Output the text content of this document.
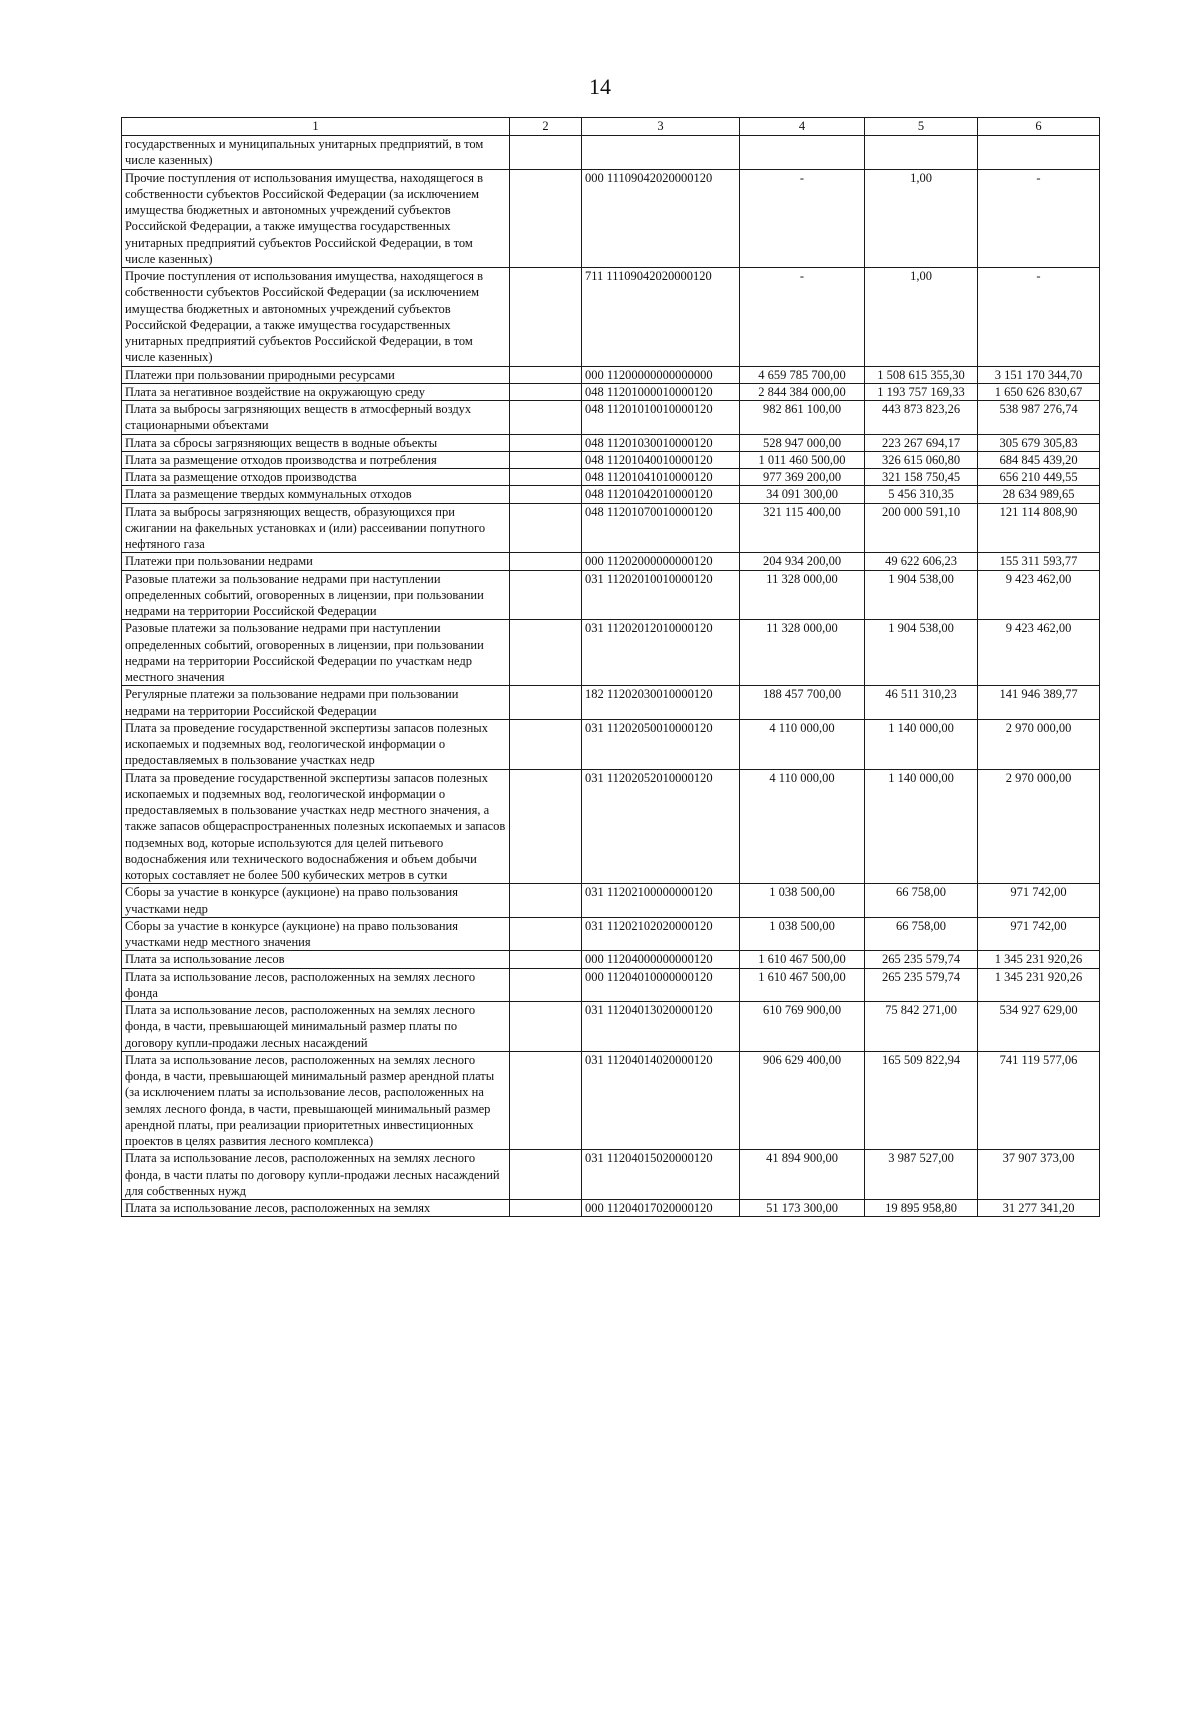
14
1	2	3	4	5	6
государственных и муниципальных унитарных предприятий, в том числе казенных)					
Прочие поступления от использования имущества, находящегося в собственности субъектов Российской Федерации (за исключением имущества бюджетных и автономных учреждений субъектов Российской Федерации, а также имущества государственных унитарных предприятий субъектов Российской Федерации, в том числе казенных)		000 11109042020000120	-	1,00	-
Прочие поступления от использования имущества, находящегося в собственности субъектов Российской Федерации (за исключением имущества бюджетных и автономных учреждений субъектов Российской Федерации, а также имущества государственных унитарных предприятий субъектов Российской Федерации, в том числе казенных)		711 11109042020000120	-	1,00	-
Платежи при пользовании природными ресурсами		000 11200000000000000	4 659 785 700,00	1 508 615 355,30	3 151 170 344,70
Плата за негативное воздействие на окружающую среду		048 11201000010000120	2 844 384 000,00	1 193 757 169,33	1 650 626 830,67
Плата за выбросы загрязняющих веществ в атмосферный воздух стационарными объектами		048 11201010010000120	982 861 100,00	443 873 823,26	538 987 276,74
Плата за сбросы загрязняющих веществ в водные объекты		048 11201030010000120	528 947 000,00	223 267 694,17	305 679 305,83
Плата за размещение отходов производства и потребления		048 11201040010000120	1 011 460 500,00	326 615 060,80	684 845 439,20
Плата за размещение отходов производства		048 11201041010000120	977 369 200,00	321 158 750,45	656 210 449,55
Плата за размещение твердых коммунальных отходов		048 11201042010000120	34 091 300,00	5 456 310,35	28 634 989,65
Плата за выбросы загрязняющих веществ, образующихся при сжигании на факельных установках и (или) рассеивании попутного нефтяного газа		048 11201070010000120	321 115 400,00	200 000 591,10	121 114 808,90
Платежи при пользовании недрами		000 11202000000000120	204 934 200,00	49 622 606,23	155 311 593,77
Разовые платежи за пользование недрами при наступлении определенных событий, оговоренных в лицензии, при пользовании недрами на территории Российской Федерации		031 11202010010000120	11 328 000,00	1 904 538,00	9 423 462,00
Разовые платежи за пользование недрами при наступлении определенных событий, оговоренных в лицензии, при пользовании недрами на территории Российской Федерации по участкам недр местного значения		031 11202012010000120	11 328 000,00	1 904 538,00	9 423 462,00
Регулярные платежи за пользование недрами при пользовании недрами на территории Российской Федерации		182 11202030010000120	188 457 700,00	46 511 310,23	141 946 389,77
Плата за проведение государственной экспертизы запасов полезных ископаемых и подземных вод, геологической информации о предоставляемых в пользование участках недр		031 11202050010000120	4 110 000,00	1 140 000,00	2 970 000,00
Плата за проведение государственной экспертизы запасов полезных ископаемых и подземных вод, геологической информации о предоставляемых в пользование участках недр местного значения, а также запасов общераспространенных полезных ископаемых и запасов подземных вод, которые используются для целей питьевого водоснабжения или технического водоснабжения и объем добычи которых составляет не более 500 кубических метров в сутки		031 11202052010000120	4 110 000,00	1 140 000,00	2 970 000,00
Сборы за участие в конкурсе (аукционе) на право пользования участками недр		031 11202100000000120	1 038 500,00	66 758,00	971 742,00
Сборы за участие в конкурсе (аукционе) на право пользования участками недр местного значения		031 11202102020000120	1 038 500,00	66 758,00	971 742,00
Плата за использование лесов		000 11204000000000120	1 610 467 500,00	265 235 579,74	1 345 231 920,26
Плата за использование лесов, расположенных на землях лесного фонда		000 11204010000000120	1 610 467 500,00	265 235 579,74	1 345 231 920,26
Плата за использование лесов, расположенных на землях лесного фонда, в части, превышающей минимальный размер платы по договору купли-продажи лесных насаждений		031 11204013020000120	610 769 900,00	75 842 271,00	534 927 629,00
Плата за использование лесов, расположенных на землях лесного фонда, в части, превышающей минимальный размер арендной платы (за исключением платы за использование лесов, расположенных на землях лесного фонда, в части, превышающей минимальный размер арендной платы, при реализации приоритетных инвестиционных проектов в целях развития лесного комплекса)		031 11204014020000120	906 629 400,00	165 509 822,94	741 119 577,06
Плата за использование лесов, расположенных на землях лесного фонда, в части платы по договору купли-продажи лесных насаждений для собственных нужд		031 11204015020000120	41 894 900,00	3 987 527,00	37 907 373,00
Плата за использование лесов, расположенных на землях		000 11204017020000120	51 173 300,00	19 895 958,80	31 277 341,20
